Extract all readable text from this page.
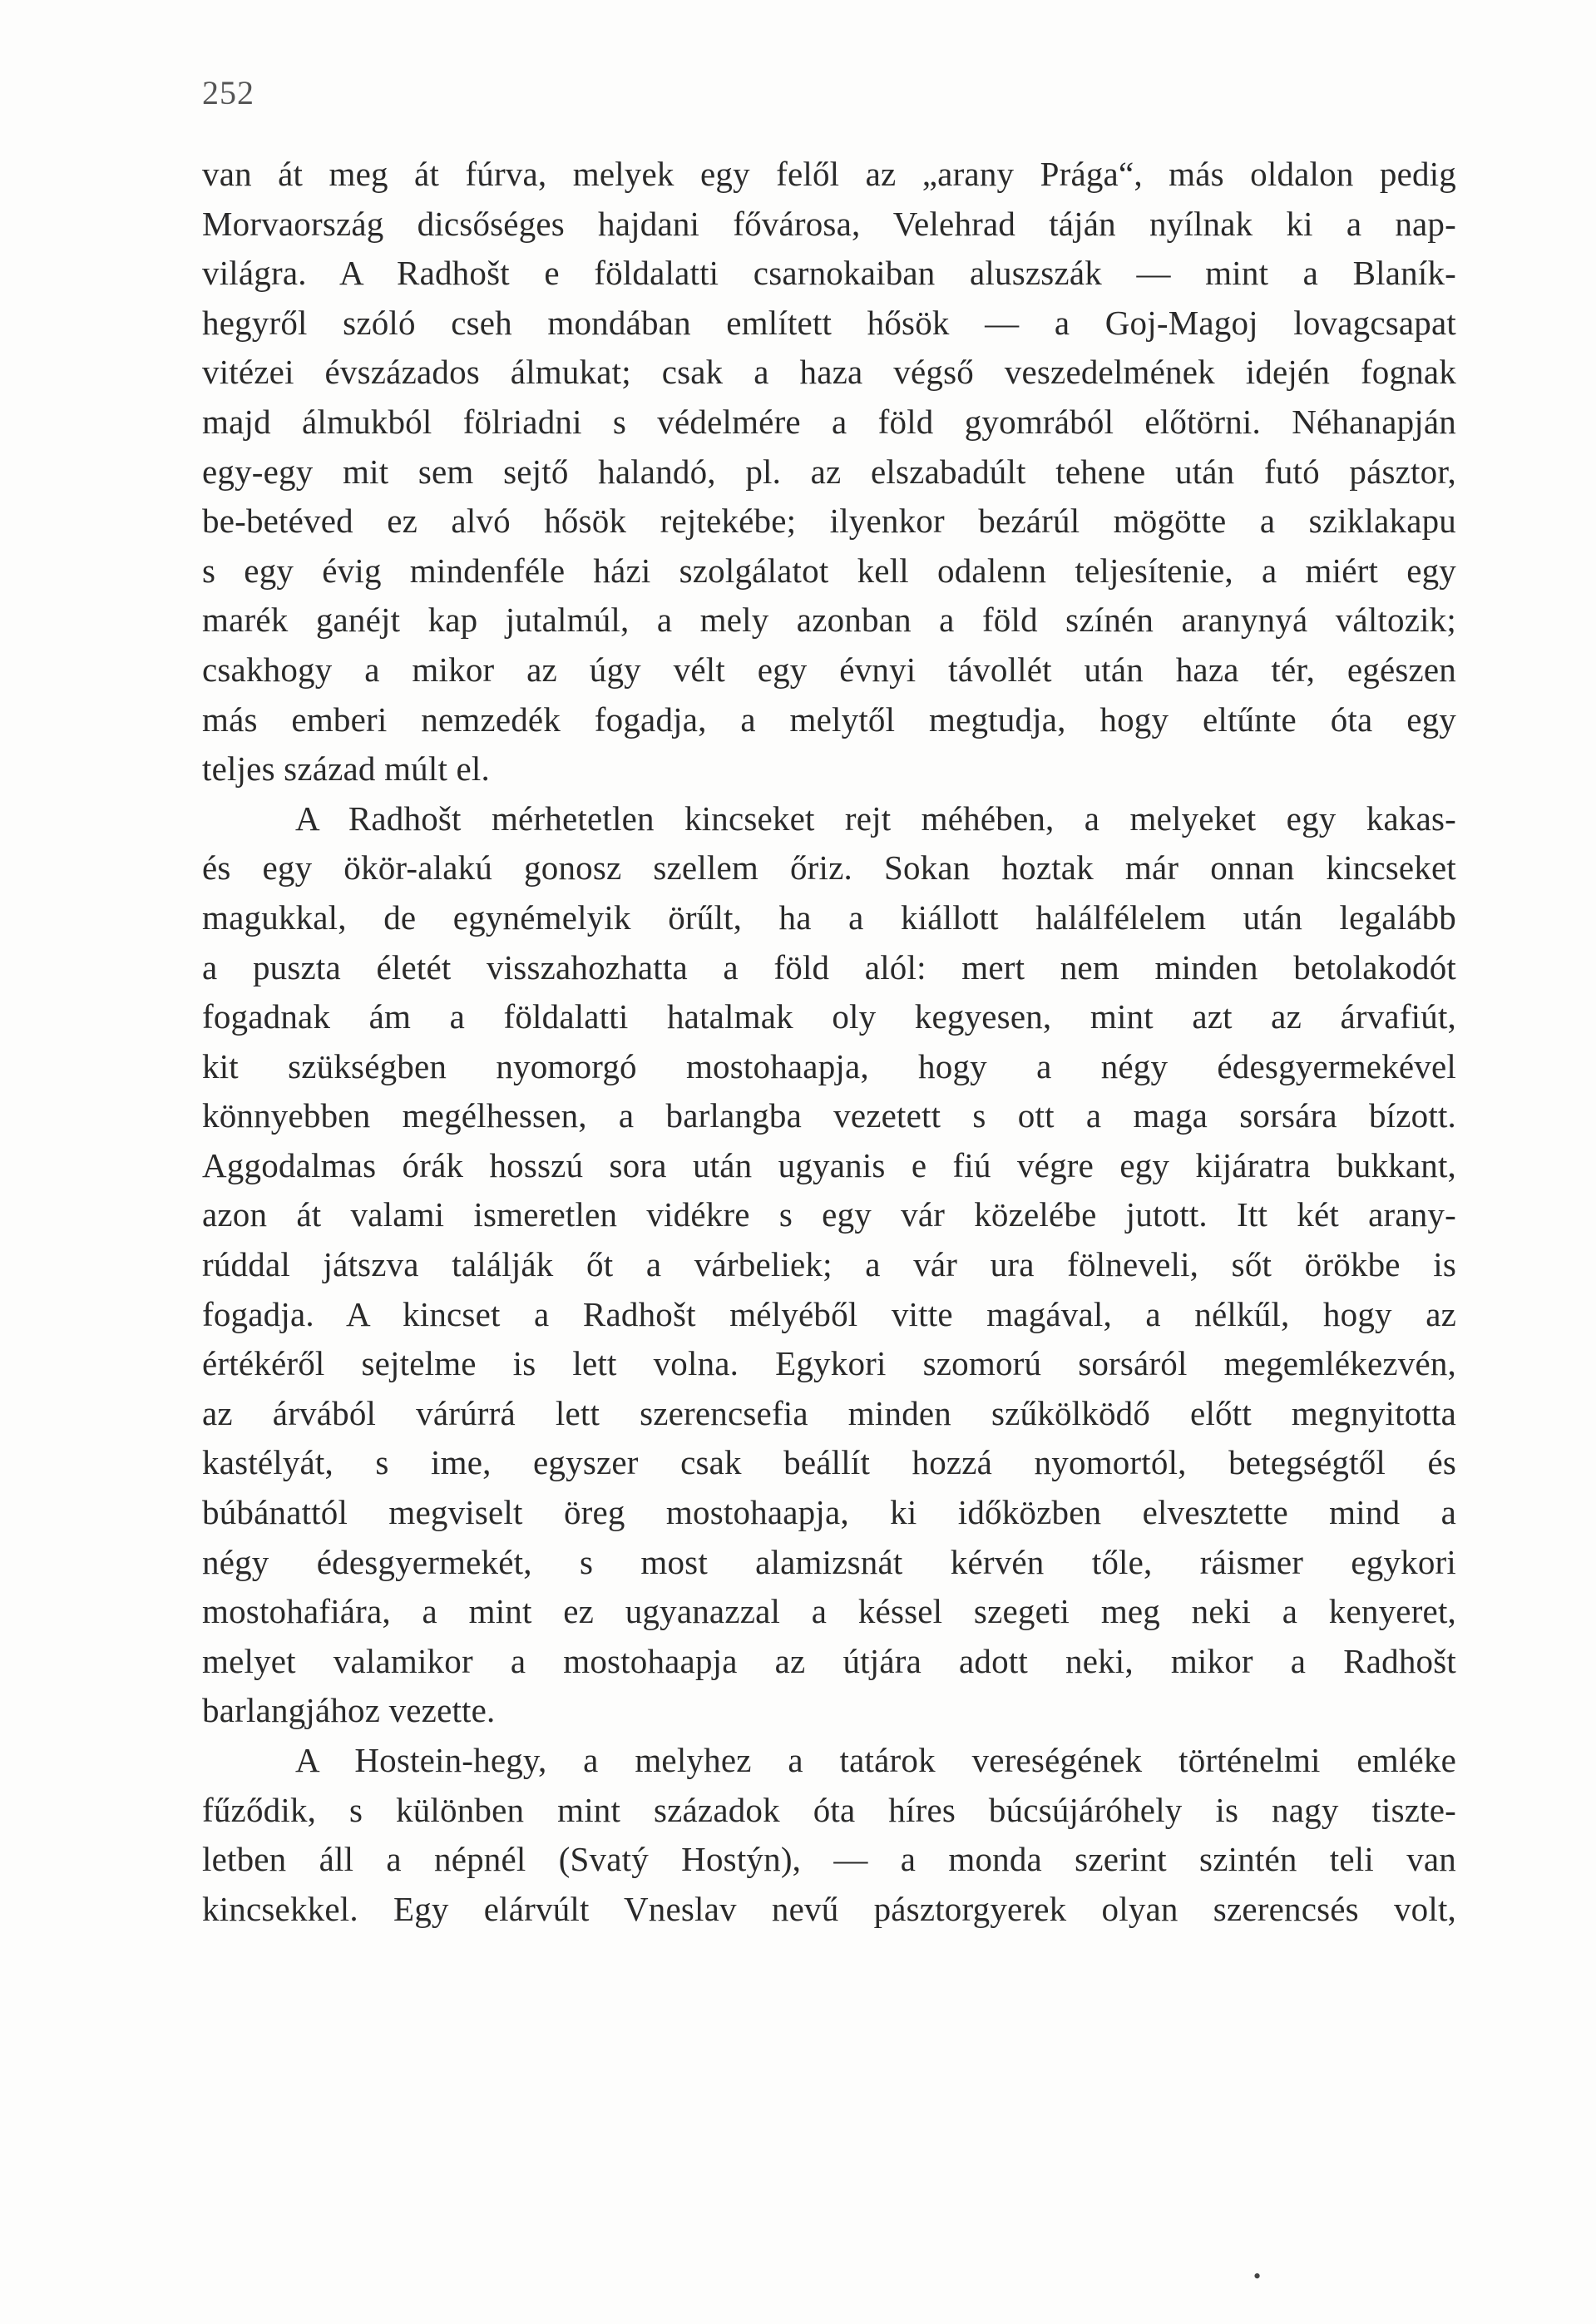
252
van át meg át fúrva, melyek egy felől az „arany Prága“, más oldalon pedig
Morvaország dicsőséges hajdani fővárosa, Velehrad táján nyílnak ki a nap-
világra. A Radhošt e földalatti csarnokaiban aluszszák — mint a Blaník-
hegyről szóló cseh mondában említett hősök — a Goj-Magoj lovagcsapat
vitézei évszázados álmukat; csak a haza végső veszedelmének idején fognak
majd álmukból fölriadni s védelmére a föld gyomrából előtörni. Néhanapján
egy-egy mit sem sejtő halandó, pl. az elszabadúlt tehene után futó pásztor,
be-betéved ez alvó hősök rejtekébe; ilyenkor bezárúl mögötte a sziklakapu
s egy évig mindenféle házi szolgálatot kell odalenn teljesítenie, a miért egy
marék ganéjt kap jutalmúl, a mely azonban a föld színén aranynyá változik;
csakhogy a mikor az úgy vélt egy évnyi távollét után haza tér, egészen
más emberi nemzedék fogadja, a melytől megtudja, hogy eltűnte óta egy
teljes század múlt el.
A Radhošt mérhetetlen kincseket rejt méhében, a melyeket egy kakas-
és egy ökör-alakú gonosz szellem őriz. Sokan hoztak már onnan kincseket
magukkal, de egynémelyik örűlt, ha a kiállott halálfélelem után legalább
a puszta életét visszahozhatta a föld alól: mert nem minden betolakodót
fogadnak ám a földalatti hatalmak oly kegyesen, mint azt az árvafiút,
kit szükségben nyomorgó mostohaapja, hogy a négy édesgyermekével
könnyebben megélhessen, a barlangba vezetett s ott a maga sorsára bízott.
Aggodalmas órák hosszú sora után ugyanis e fiú végre egy kijáratra bukkant,
azon át valami ismeretlen vidékre s egy vár közelébe jutott. Itt két arany-
rúddal játszva találják őt a várbeliek; a vár ura fölneveli, sőt örökbe is
fogadja. A kincset a Radhošt mélyéből vitte magával, a nélkűl, hogy az
értékéről sejtelme is lett volna. Egykori szomorú sorsáról megemlékezvén,
az árvából várúrrá lett szerencsefia minden szűkölködő előtt megnyitotta
kastélyát, s ime, egyszer csak beállít hozzá nyomortól, betegségtől és
búbánattól megviselt öreg mostohaapja, ki időközben elvesztette mind a
négy édesgyermekét, s most alamizsnát kérvén tőle, ráismer egykori
mostohafiára, a mint ez ugyanazzal a késsel szegeti meg neki a kenyeret,
melyet valamikor a mostohaapja az útjára adott neki, mikor a Radhošt
barlangjához vezette.
A Hostein-hegy, a melyhez a tatárok vereségének történelmi emléke
fűződik, s különben mint századok óta híres búcsújáróhely is nagy tiszte-
letben áll a népnél (Svatý Hostýn), — a monda szerint szintén teli van
kincsekkel. Egy elárvúlt Vneslav nevű pásztorgyerek olyan szerencsés volt,
•
